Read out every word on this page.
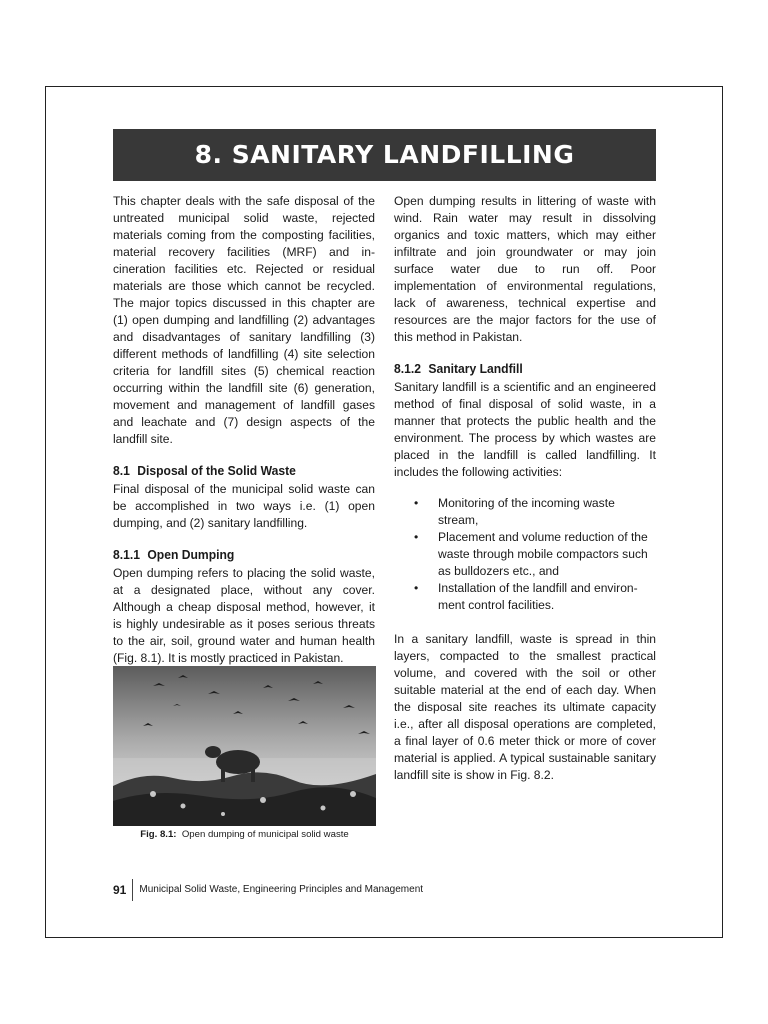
8. SANITARY LANDFILLING

This chapter deals with the safe disposal of the untreated municipal solid waste, rejected materials coming from the composting facilities, material recovery facilities (MRF) and in-cineration facilities etc. Rejected or residual materials are those which cannot be recycled. The major topics discussed in this chapter are (1) open dumping and landfilling (2) advantages and disadvantages of sanitary landfilling (3) different methods of landfilling (4) site selection criteria for landfill sites (5) chemical reaction occurring within the landfill site (6) generation, movement and management of landfill gases and leachate and (7) design aspects of the landfill site.

8.1 Disposal of the Solid Waste

Final disposal of the municipal solid waste can be accomplished in two ways i.e. (1) open dumping, and (2) sanitary landfilling.

8.1.1 Open Dumping

Open dumping refers to placing the solid waste, at a designated place, without any cover. Although a cheap disposal method, however, it is highly undesirable as it poses serious threats to the air, soil, ground water and human health (Fig. 8.1). It is mostly practiced in Pakistan.

Open dumping results in littering of waste with wind. Rain water may result in dissolving organics and toxic matters, which may either infiltrate and join groundwater or may join surface water due to run off. Poor implementation of environmental regulations, lack of awareness, technical expertise and resources are the major factors for the use of this method in Pakistan.

8.1.2 Sanitary Landfill

Sanitary landfill is a scientific and an engineered method of final disposal of solid waste, in a manner that protects the public health and the environment. The process by which wastes are placed in the landfill is called landfilling. It includes the following activities:

• Monitoring of the incoming waste
stream,
• Placement and volume reduction of the
waste through mobile compactors such as bulldozers etc., and
• Installation of the landfill and environ-
ment control facilities.

In a sanitary landfill, waste is spread in thin layers, compacted to the smallest practical volume, and covered with the soil or other suitable material at the end of each day. When the disposal site reaches its ultimate capacity i.e., after all disposal operations are completed, a final layer of 0.6 meter thick or more of cover material is applied. A typical sustainable sanitary landfill site is show in Fig. 8.2.

Fig. 8.1: Open dumping of municipal solid waste
91 Municipal Solid Waste, Engineering Principles and Management
